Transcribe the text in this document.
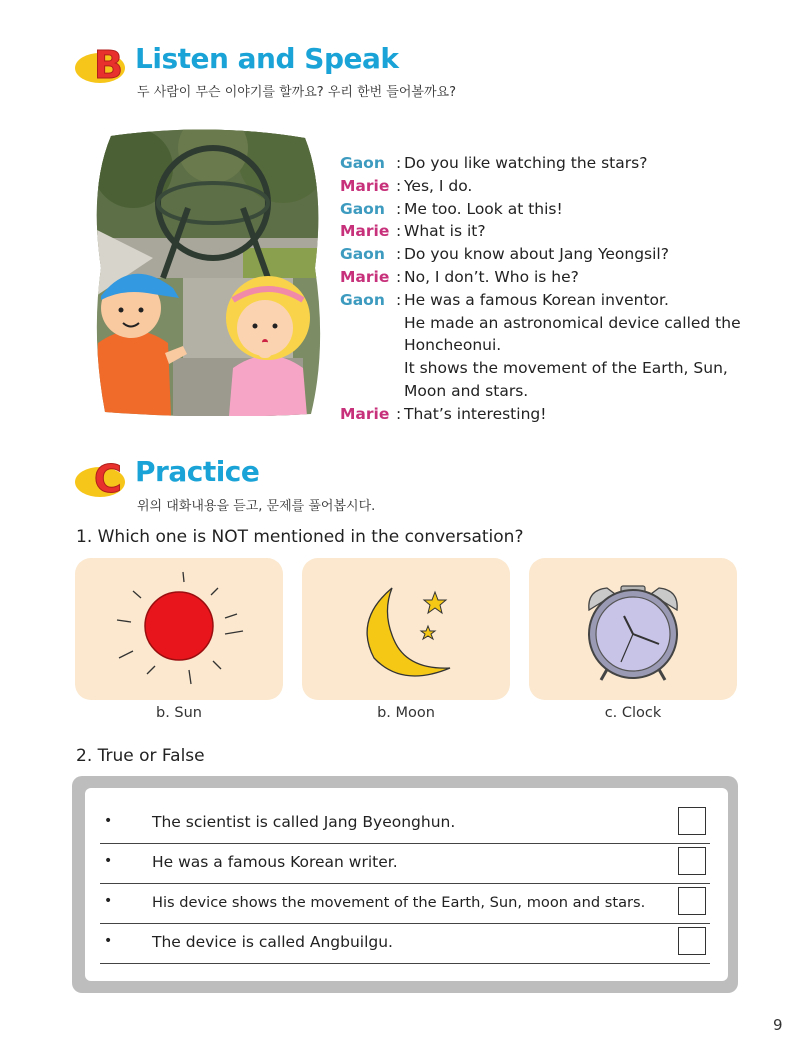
B Listen and Speak
두 사람이 무슨 이야기를 할까요? 우리 한번 들어볼까요?
Gaon : Do you like watching the stars?
Marie : Yes, I do.
Gaon : Me too. Look at this!
Marie : What is it?
Gaon : Do you know about Jang Yeongsil?
Marie : No, I don’t. Who is he?
Gaon : He was a famous Korean inventor.
He made an astronomical device called the
Honcheonui.
It shows the movement of the Earth, Sun,
Moon and stars.
Marie : That’s interesting!
C Practice
위의 대화내용을 듣고, 문제를 풀어봅시다.
1. Which one is NOT mentioned in the conversation?
b. Sun	b. Moon	c. Clock
2. True or False
•	The scientist is called Jang Byeonghun.
•	He was a famous Korean writer.
•	His device shows the movement of the Earth, Sun, moon and stars.
•	The device is called Angbuilgu.
9
